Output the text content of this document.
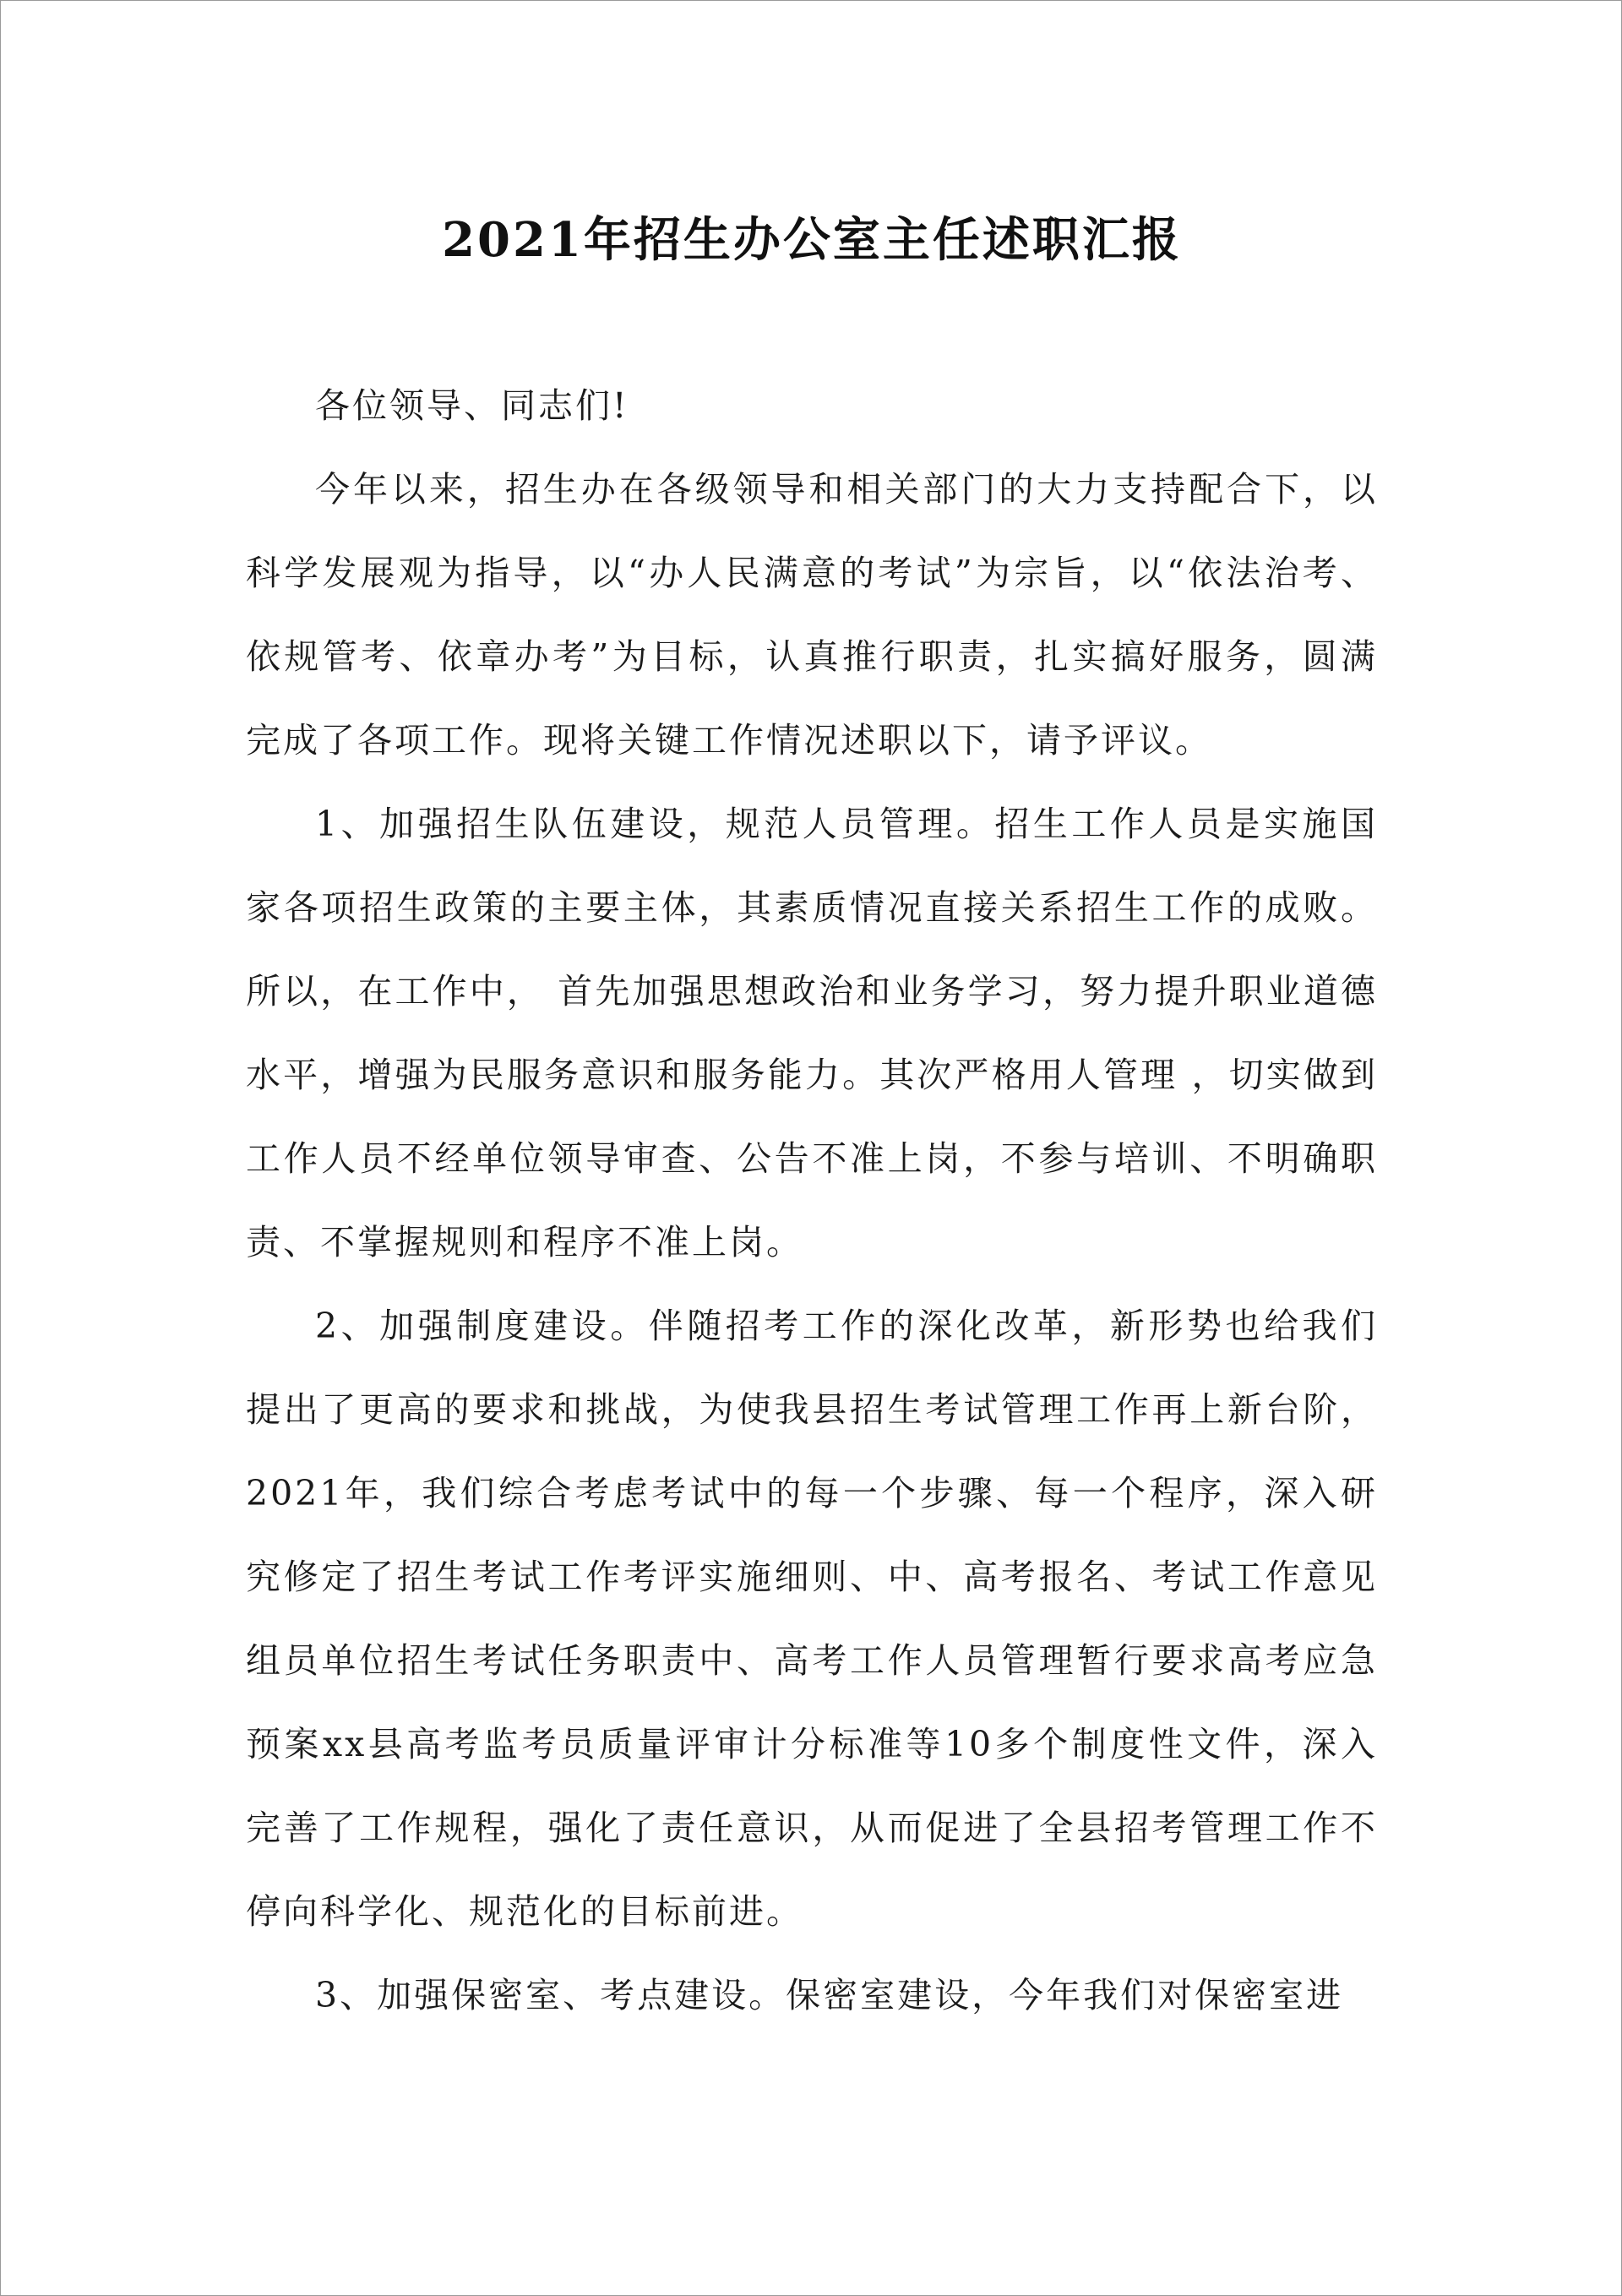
2021年招生办公室主任述职汇报

各位领导、同志们!

今年以来，招生办在各级领导和相关部门的大力支持配合下，以科学发展观为指导，以“办人民满意的考试”为宗旨，以“依法治考、依规管考、依章办考”为目标，认真推行职责，扎实搞好服务，圆满完成了各项工作。现将关键工作情况述职以下，请予评议。

1、加强招生队伍建设，规范人员管理。招生工作人员是实施国家各项招生政策的主要主体，其素质情况直接关系招生工作的成败。所以，在工作中， 首先加强思想政治和业务学习，努力提升职业道德水平，增强为民服务意识和服务能力。其次严格用人管理 ，切实做到工作人员不经单位领导审查、公告不准上岗，不参与培训、不明确职责、不掌握规则和程序不准上岗。

2、加强制度建设。伴随招考工作的深化改革，新形势也给我们提出了更高的要求和挑战，为使我县招生考试管理工作再上新台阶，2021年，我们综合考虑考试中的每一个步骤、每一个程序，深入研究修定了招生考试工作考评实施细则、中、高考报名、考试工作意见组员单位招生考试任务职责中、高考工作人员管理暂行要求高考应急预案xx县高考监考员质量评审计分标准等10多个制度性文件，深入完善了工作规程，强化了责任意识，从而促进了全县招考管理工作不停向科学化、规范化的目标前进。

3、加强保密室、考点建设。保密室建设，今年我们对保密室进
